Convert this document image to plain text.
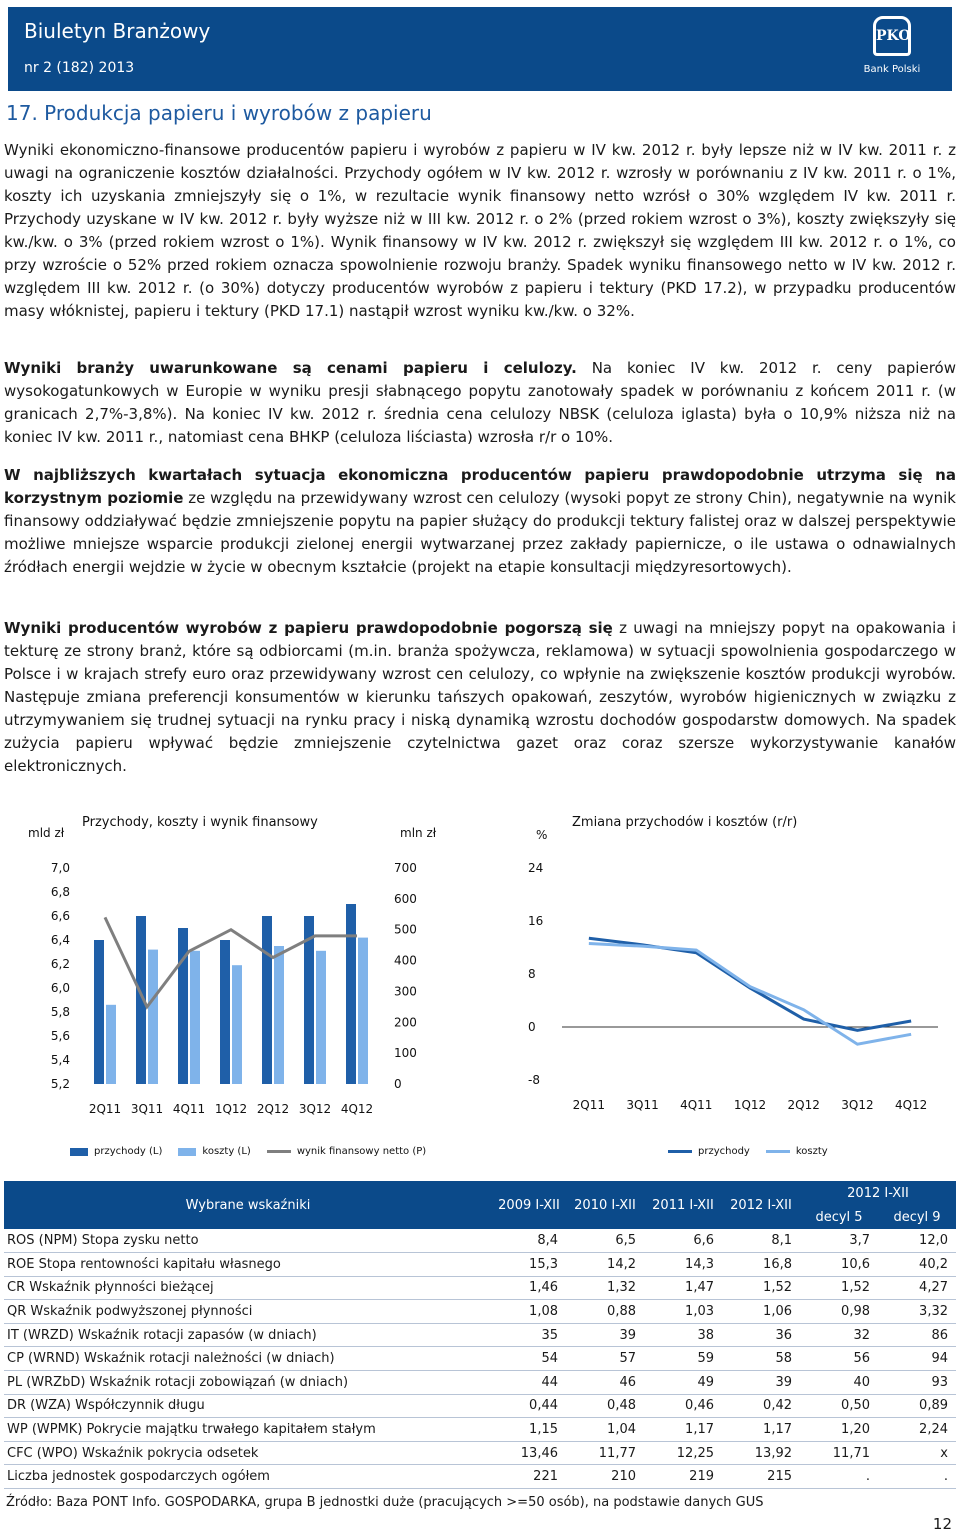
Biuletyn Branżowy
nr 2 (182) 2013
PKO
Bank Polski
17. Produkcja papieru i wyrobów z papieru
Wyniki ekonomiczno-finansowe producentów papieru i wyrobów z papieru w IV kw. 2012 r. były lepsze niż w IV kw. 2011 r. z uwagi na ograniczenie kosztów działalności. Przychody ogółem w IV kw. 2012 r. wzrosły w porównaniu z IV kw. 2011 r. o 1%, koszty ich uzyskania zmniejszyły się o 1%, w rezultacie wynik finansowy netto wzrósł o 30% względem IV kw. 2011 r. Przychody uzyskane w IV kw. 2012 r. były wyższe niż w III kw. 2012 r. o 2% (przed rokiem wzrost o 3%), koszty zwiększyły się kw./kw. o 3% (przed rokiem wzrost o 1%). Wynik finansowy w IV kw. 2012 r. zwiększył się względem III kw. 2012 r. o 1%, co przy wzroście o 52% przed rokiem oznacza spowolnienie rozwoju branży. Spadek wyniku finansowego netto w IV kw. 2012 r. względem III kw. 2012 r. (o 30%) dotyczy producentów wyrobów z papieru i tektury (PKD 17.2), w przypadku producentów masy włóknistej, papieru i tektury (PKD 17.1) nastąpił wzrost wyniku kw./kw. o 32%.
Wyniki branży uwarunkowane są cenami papieru i celulozy. Na koniec IV kw. 2012 r. ceny papierów wysokogatunkowych w Europie w wyniku presji słabnącego popytu zanotowały spadek w porównaniu z końcem 2011 r. (w granicach 2,7%-3,8%). Na koniec IV kw. 2012 r. średnia cena celulozy NBSK (celuloza iglasta) była o 10,9% niższa niż na koniec IV kw. 2011 r., natomiast cena BHKP (celuloza liściasta) wzrosła r/r o 10%.
W najbliższych kwartałach sytuacja ekonomiczna producentów papieru prawdopodobnie utrzyma się na korzystnym poziomie ze względu na przewidywany wzrost cen celulozy (wysoki popyt ze strony Chin), negatywnie na wynik finansowy oddziaływać będzie zmniejszenie popytu na papier służący do produkcji tektury falistej oraz w dalszej perspektywie możliwe mniejsze wsparcie produkcji zielonej energii wytwarzanej przez zakłady papiernicze, o ile ustawa o odnawialnych źródłach energii wejdzie w życie w obecnym kształcie (projekt na etapie konsultacji międzyresortowych).
Wyniki producentów wyrobów z papieru prawdopodobnie pogorszą się z uwagi na mniejszy popyt na opakowania i tekturę ze strony branż, które są odbiorcami (m.in. branża spożywcza, reklamowa) w sytuacji spowolnienia gospodarczego w Polsce i w krajach strefy euro oraz przewidywany wzrost cen celulozy, co wpłynie na zwiększenie kosztów produkcji wyrobów. Następuje zmiana preferencji konsumentów w kierunku tańszych opakowań, zeszytów, wyrobów higienicznych w związku z utrzymywaniem się trudnej sytuacji na rynku pracy i niską dynamiką wzrostu dochodów gospodarstw domowych. Na spadek zużycia papieru wpływać będzie zmniejszenie czytelnictwa gazet oraz coraz szersze wykorzystywanie kanałów elektronicznych.
mld zł
Przychody, koszty i wynik finansowy
mln zł
7,0
6,8
6,6
6,4
6,2
6,0
5,8
5,6
5,4
5,2
700
600
500
400
300
200
100
0
2Q11 3Q11 4Q11 1Q12 2Q12 3Q12 4Q12
przychody (L)	koszty (L)	wynik finansowy netto (P)
%
Zmiana przychodów i kosztów (r/r)
24
16
8
0
-8
2Q11 3Q11 4Q11 1Q12 2Q12 3Q12 4Q12
przychody	koszty
Wybrane wskaźniki	2009 I-XII	2010 I-XII	2011 I-XII	2012 I-XII	2012 I-XII	
					decyl 5	decyl 9
ROS (NPM) Stopa zysku netto	8,4	6,5	6,6	8,1	3,7	12,0
ROE Stopa rentowności kapitału własnego	15,3	14,2	14,3	16,8	10,6	40,2
CR Wskaźnik płynności bieżącej	1,46	1,32	1,47	1,52	1,52	4,27
QR Wskaźnik podwyższonej płynności	1,08	0,88	1,03	1,06	0,98	3,32
IT (WRZD) Wskaźnik rotacji zapasów (w dniach)	35	39	38	36	32	86
CP (WRND) Wskaźnik rotacji należności (w dniach)	54	57	59	58	56	94
PL (WRZbD) Wskaźnik rotacji zobowiązań (w dniach)	44	46	49	39	40	93
DR (WZA) Współczynnik długu	0,44	0,48	0,46	0,42	0,50	0,89
WP (WPMK) Pokrycie majątku trwałego kapitałem stałym	1,15	1,04	1,17	1,17	1,20	2,24
CFC (WPO) Wskaźnik pokrycia odsetek	13,46	11,77	12,25	13,92	11,71	x
Liczba jednostek gospodarczych ogółem	221	210	219	215	.	.
Źródło: Baza PONT Info. GOSPODARKA, grupa B jednostki duże (pracujących >=50 osób), na podstawie danych GUS
12
